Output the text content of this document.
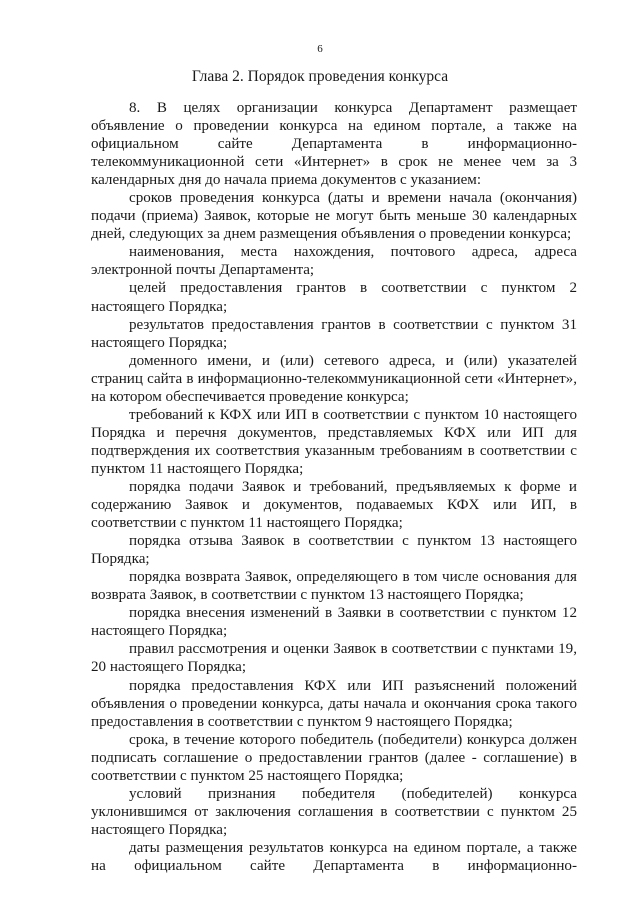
6
Глава 2. Порядок проведения конкурса

8. В целях организации конкурса Департамент размещает объявление о проведении конкурса на едином портале, а также на официальном сайте Департамента в информационно-телекоммуникационной сети «Интернет» в срок не менее чем за 3 календарных дня до начала приема документов с указанием:

сроков проведения конкурса (даты и времени начала (окончания) подачи (приема) Заявок, которые не могут быть меньше 30 календарных дней, следующих за днем размещения объявления о проведении конкурса;

наименования, места нахождения, почтового адреса, адреса электронной почты Департамента;

целей предоставления грантов в соответствии с пунктом 2 настоящего Порядка;

результатов предоставления грантов в соответствии с пунктом 31 настоящего Порядка;

доменного имени, и (или) сетевого адреса, и (или) указателей страниц сайта в информационно-телекоммуникационной сети «Интернет», на котором обеспечивается проведение конкурса;

требований к КФХ или ИП в соответствии с пунктом 10 настоящего Порядка и перечня документов, представляемых КФХ или ИП для подтверждения их соответствия указанным требованиям в соответствии с пунктом 11 настоящего Порядка;

порядка подачи Заявок и требований, предъявляемых к форме и содержанию Заявок и документов, подаваемых КФХ или ИП, в соответствии с пунктом 11 настоящего Порядка;

порядка отзыва Заявок в соответствии с пунктом 13 настоящего Порядка;

порядка возврата Заявок, определяющего в том числе основания для возврата Заявок, в соответствии с пунктом 13 настоящего Порядка;

порядка внесения изменений в Заявки в соответствии с пунктом 12 настоящего Порядка;

правил рассмотрения и оценки Заявок в соответствии с пунктами 19, 20 настоящего Порядка;

порядка предоставления КФХ или ИП разъяснений положений объявления о проведении конкурса, даты начала и окончания срока такого предоставления в соответствии с пунктом 9 настоящего Порядка;

срока, в течение которого победитель (победители) конкурса должен подписать соглашение о предоставлении грантов (далее - соглашение) в соответствии с пунктом 25 настоящего Порядка;

условий признания победителя (победителей) конкурса уклонившимся от заключения соглашения в соответствии с пунктом 25 настоящего Порядка;

даты размещения результатов конкурса на едином портале, а также на официальном сайте Департамента в информационно-
